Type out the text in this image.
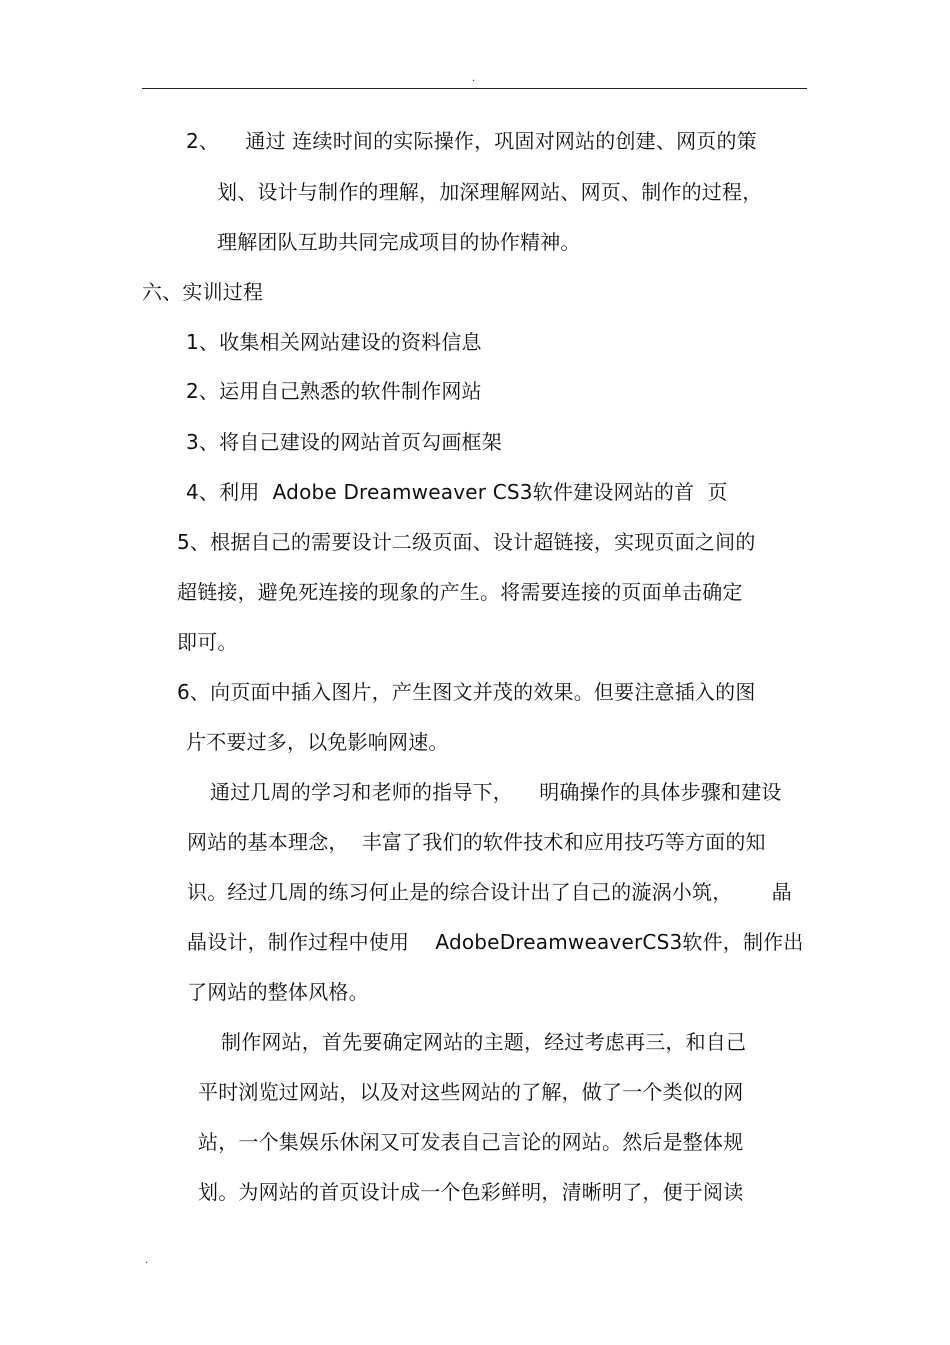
.
2、    通过 连续时间的实际操作，巩固对网站的创建、网页的策
划、设计与制作的理解，加深理解网站、网页、制作的过程，
理解团队互助共同完成项目的协作精神。
六、实训过程
1、收集相关网站建设的资料信息
2、运用自己熟悉的软件制作网站
3、将自己建设的网站首页勾画框架
4、利用  Adobe Dreamweaver CS3软件建设网站的首  页
5、根据自己的需要设计二级页面、设计超链接，实现页面之间的
超链接，避免死连接的现象的产生。将需要连接的页面单击确定
即可。
6、向页面中插入图片，产生图文并茂的效果。但要注意插入的图
片不要过多，以免影响网速。
通过几周的学习和老师的指导下，    明确操作的具体步骤和建设
网站的基本理念，  丰富了我们的软件技术和应用技巧等方面的知
识。经过几周的练习何止是的综合设计出了自己的漩涡小筑，      晶
晶设计，制作过程中使用    AdobeDreamweaverCS3软件，制作出
了网站的整体风格。
制作网站，首先要确定网站的主题，经过考虑再三，和自己
平时浏览过网站，以及对这些网站的了解，做了一个类似的网
站，一个集娱乐休闲又可发表自己言论的网站。然后是整体规
划。为网站的首页设计成一个色彩鲜明，清晰明了，便于阅读
.
